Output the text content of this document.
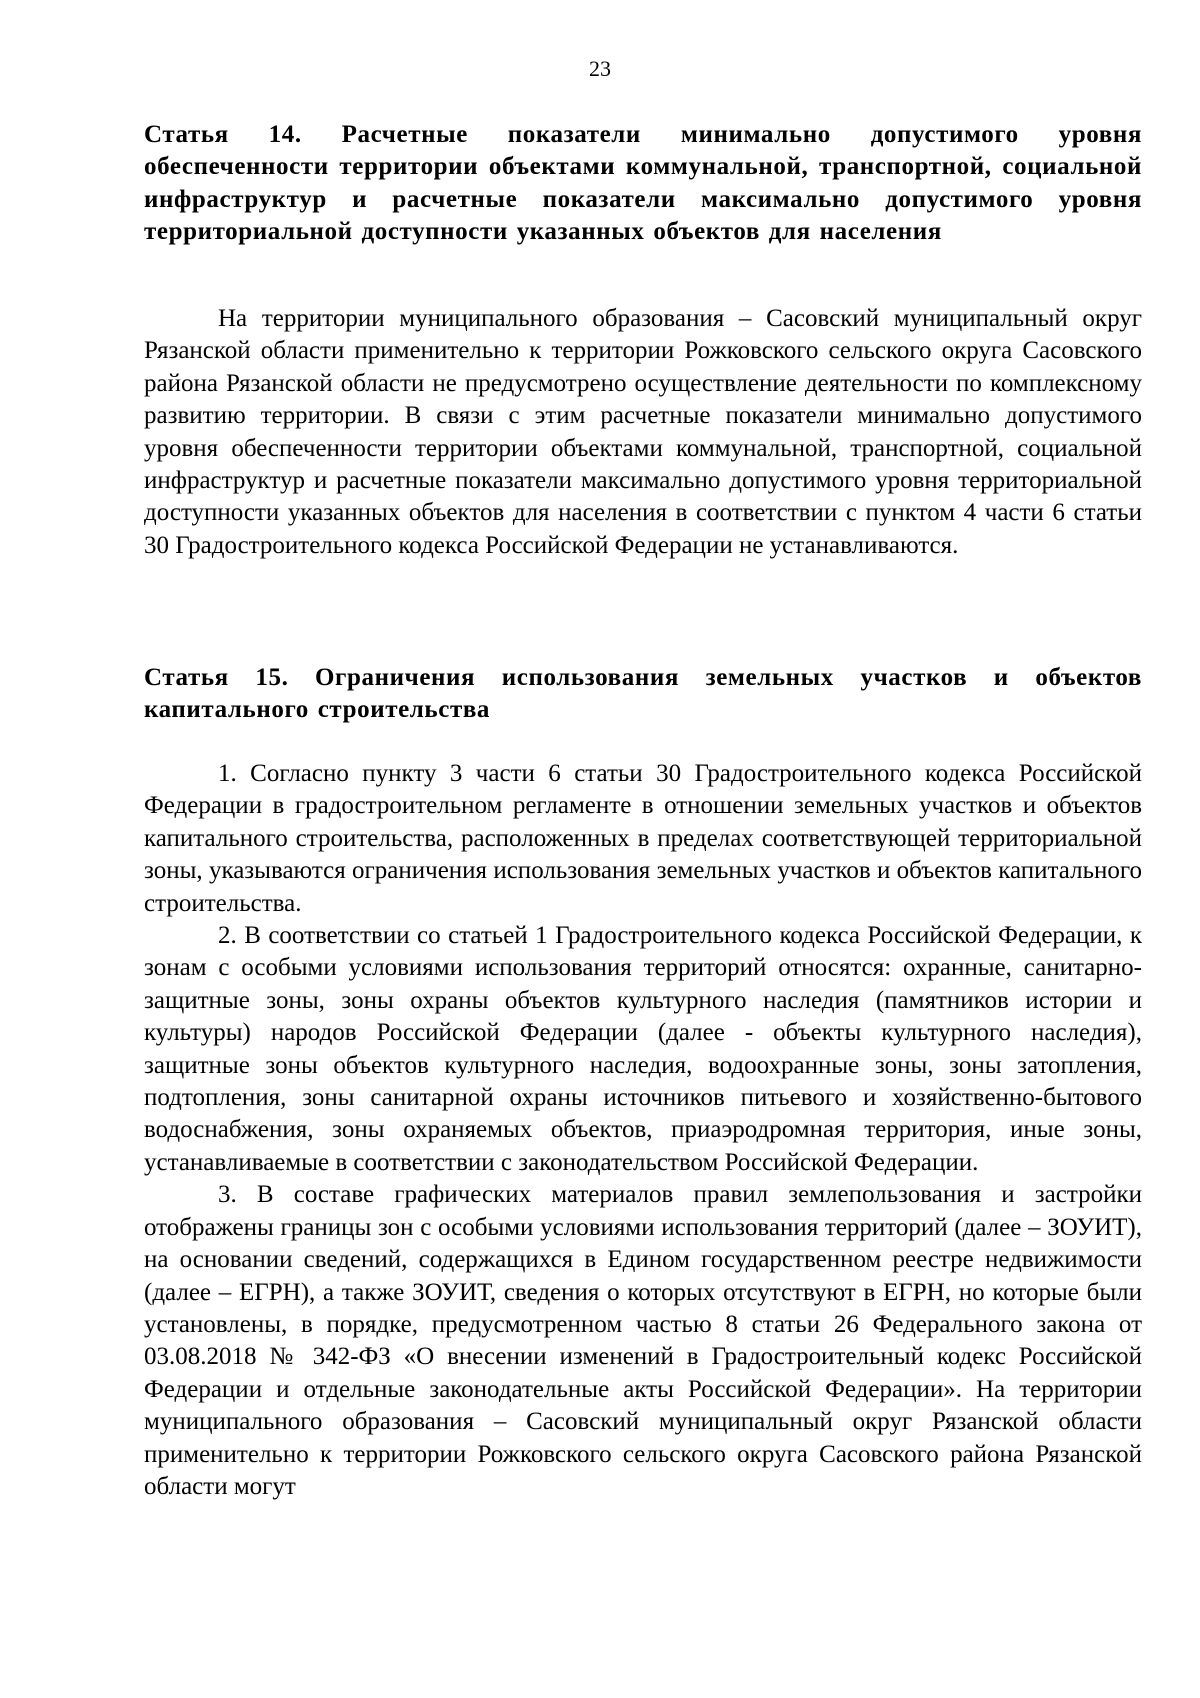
23
Статья 14. Расчетные показатели минимально допустимого уровня обеспеченности территории объектами коммунальной, транспортной, социальной инфраструктур и расчетные показатели максимально допустимого уровня территориальной доступности указанных объектов для населения

На территории муниципального образования – Сасовский муниципальный округ Рязанской области применительно к территории Рожковского сельского округа Сасовского района Рязанской области не предусмотрено осуществление деятельности по комплексному развитию территории. В связи с этим расчетные показатели минимально допустимого уровня обеспеченности территории объектами коммунальной, транспортной, социальной инфраструктур и расчетные показатели максимально допустимого уровня территориальной доступности указанных объектов для населения в соответствии с пунктом 4 части 6 статьи 30 Градостроительного кодекса Российской Федерации не устанавливаются.

Статья 15. Ограничения использования земельных участков и объектов капитального строительства

1. Согласно пункту 3 части 6 статьи 30 Градостроительного кодекса Российской Федерации в градостроительном регламенте в отношении земельных участков и объектов капитального строительства, расположенных в пределах соответствующей территориальной зоны, указываются ограничения использования земельных участков и объектов капитального строительства.

2. В соответствии со статьей 1 Градостроительного кодекса Российской Федерации, к зонам с особыми условиями использования территорий относятся: охранные, санитарно-защитные зоны, зоны охраны объектов культурного наследия (памятников истории и культуры) народов Российской Федерации (далее - объекты культурного наследия), защитные зоны объектов культурного наследия, водоохранные зоны, зоны затопления, подтопления, зоны санитарной охраны источников питьевого и хозяйственно-бытового водоснабжения, зоны охраняемых объектов, приаэродромная территория, иные зоны, устанавливаемые в соответствии с законодательством Российской Федерации.

3. В составе графических материалов правил землепользования и застройки отображены границы зон с особыми условиями использования территорий (далее – ЗОУИТ), на основании сведений, содержащихся в Едином государственном реестре недвижимости (далее – ЕГРН), а также ЗОУИТ, сведения о которых отсутствуют в ЕГРН, но которые были установлены, в порядке, предусмотренном частью 8 статьи 26 Федерального закона от 03.08.2018 № 342-ФЗ «О внесении изменений в Градостроительный кодекс Российской Федерации и отдельные законодательные акты Российской Федерации». На территории муниципального образования – Сасовский муниципальный округ Рязанской области применительно к территории Рожковского сельского округа Сасовского района Рязанской области могут
